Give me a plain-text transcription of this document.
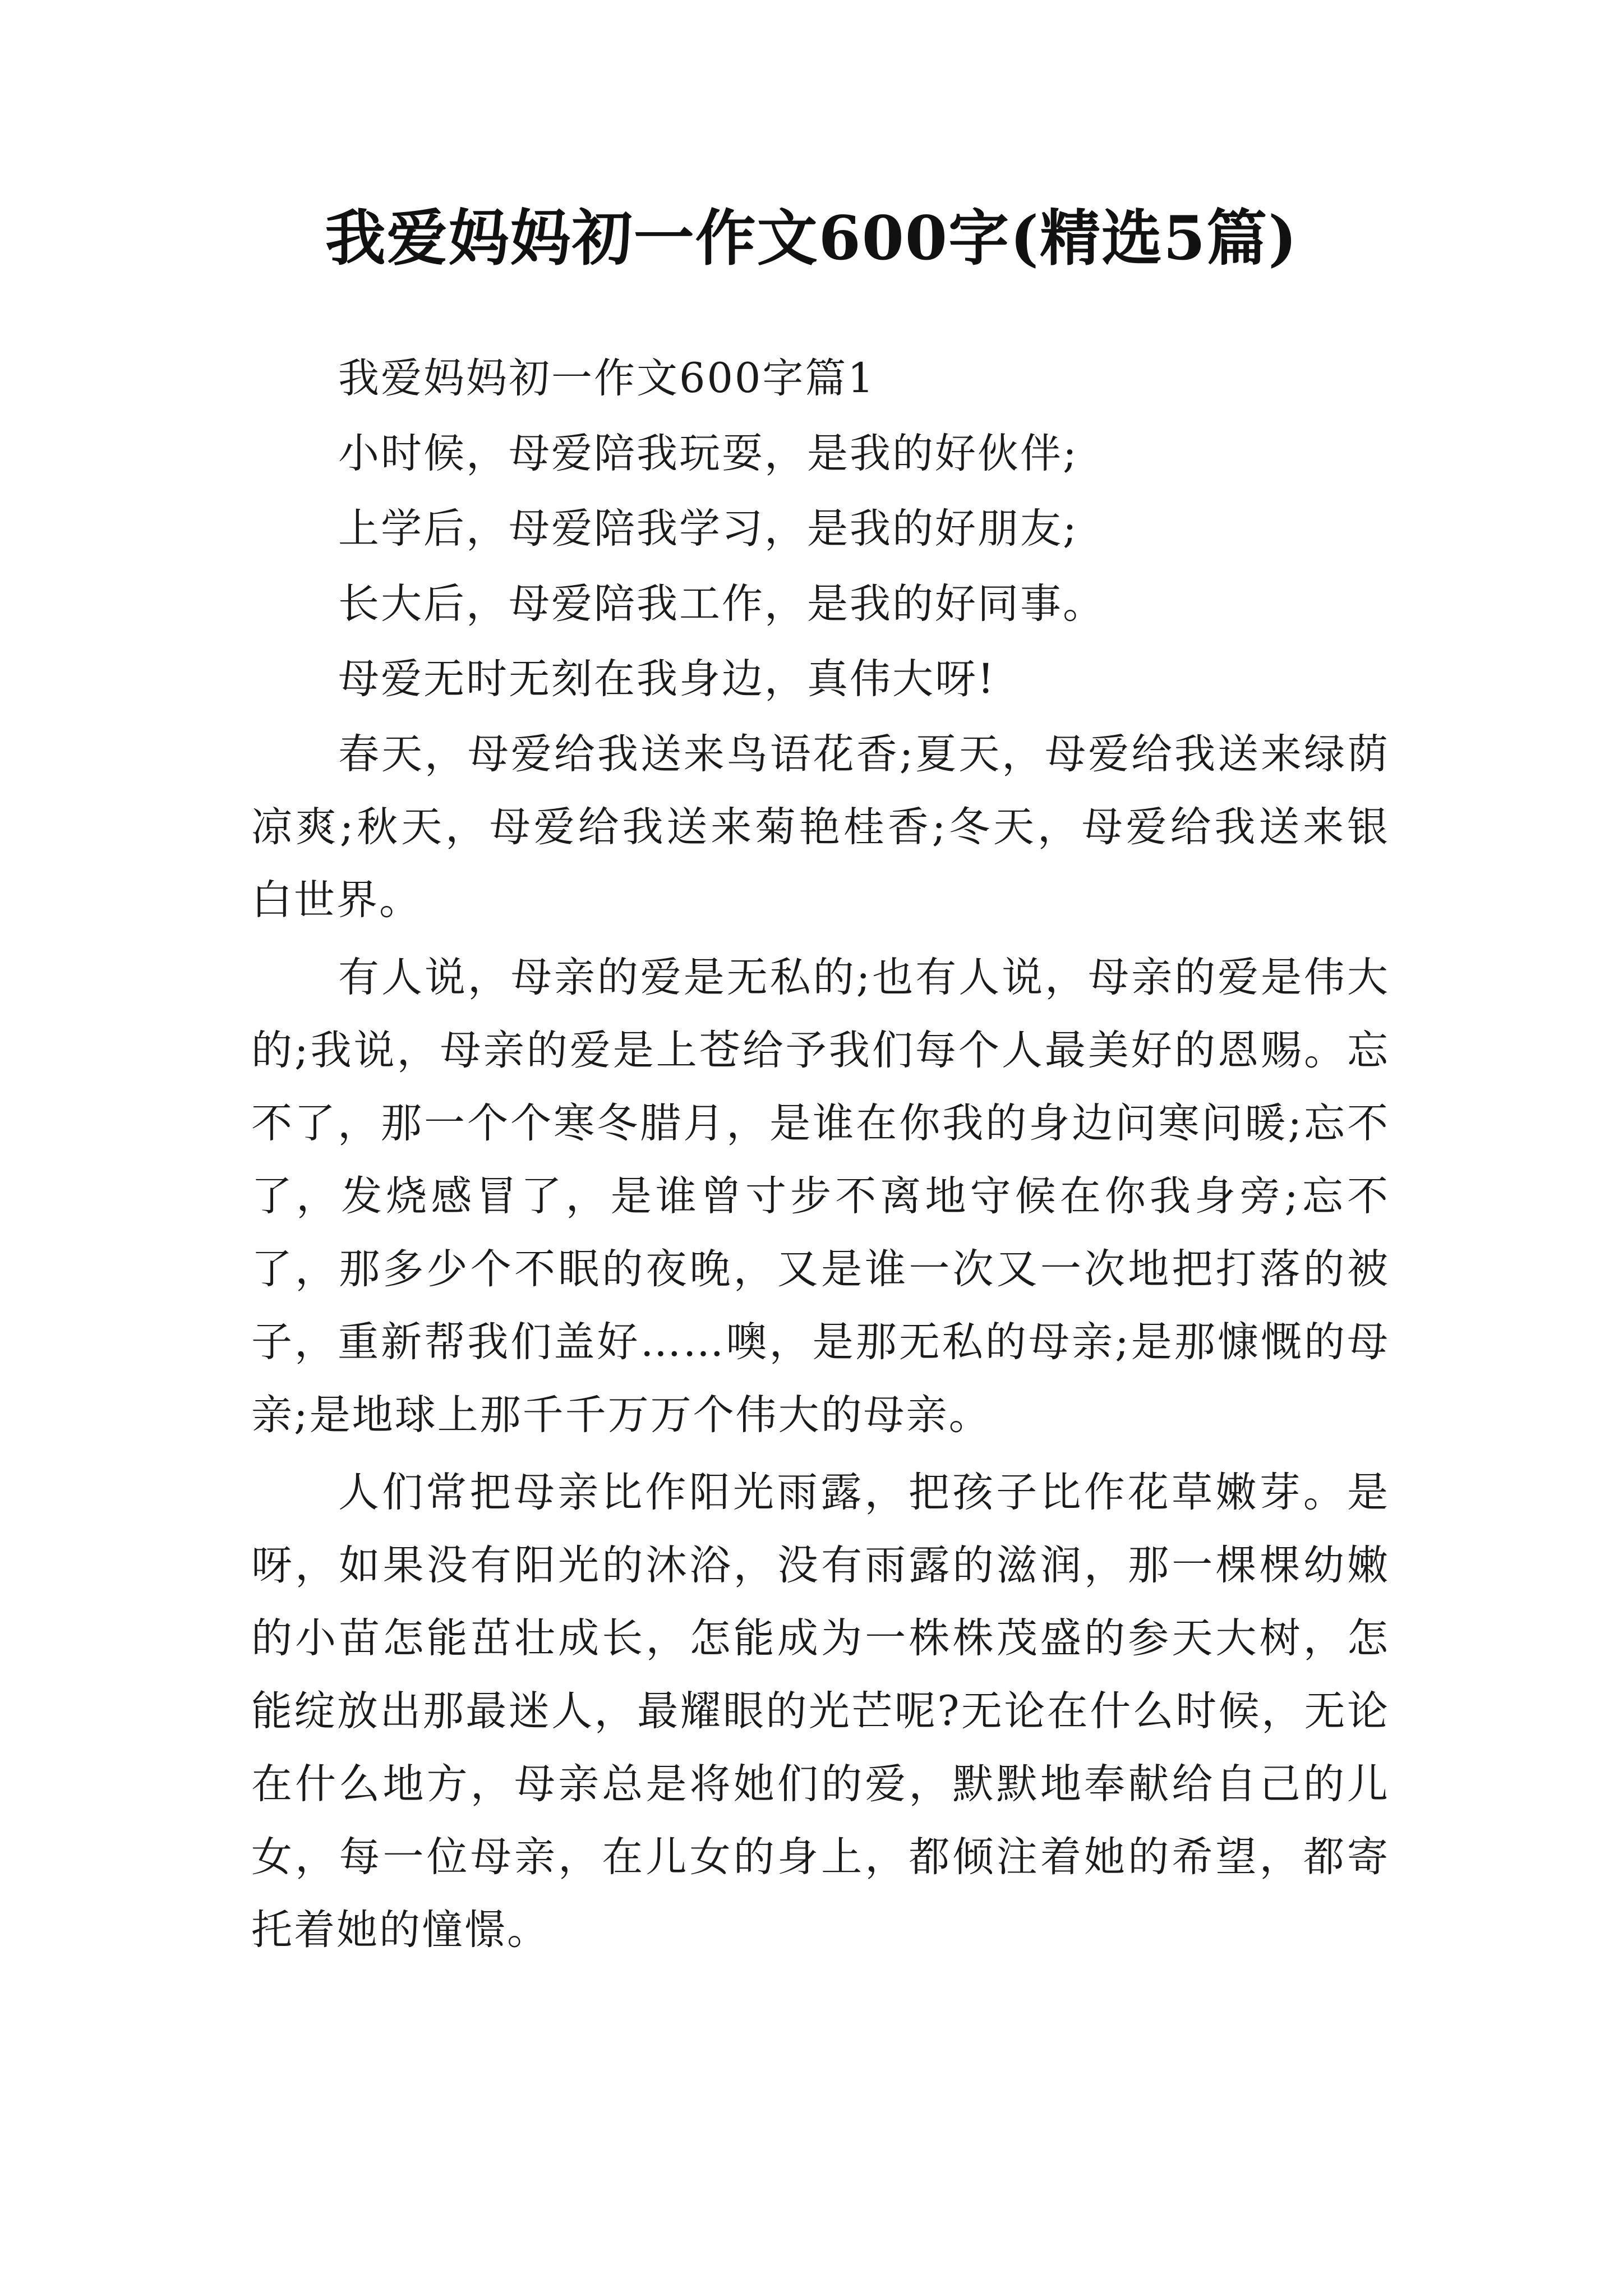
我爱妈妈初一作文600字(精选5篇)

我爱妈妈初一作文600字篇1

小时候，母爱陪我玩耍，是我的好伙伴;

上学后，母爱陪我学习，是我的好朋友;

长大后，母爱陪我工作，是我的好同事。

母爱无时无刻在我身边，真伟大呀!

春天，母爱给我送来鸟语花香;夏天，母爱给我送来绿荫凉爽;秋天，母爱给我送来菊艳桂香;冬天，母爱给我送来银白世界。

有人说，母亲的爱是无私的;也有人说，母亲的爱是伟大的;我说，母亲的爱是上苍给予我们每个人最美好的恩赐。忘不了，那一个个寒冬腊月，是谁在你我的身边问寒问暖;忘不了，发烧感冒了，是谁曾寸步不离地守候在你我身旁;忘不了，那多少个不眠的夜晚，又是谁一次又一次地把打落的被子，重新帮我们盖好……噢，是那无私的母亲;是那慷慨的母亲;是地球上那千千万万个伟大的母亲。

人们常把母亲比作阳光雨露，把孩子比作花草嫩芽。是呀，如果没有阳光的沐浴，没有雨露的滋润，那一棵棵幼嫩的小苗怎能茁壮成长，怎能成为一株株茂盛的参天大树，怎能绽放出那最迷人，最耀眼的光芒呢?无论在什么时候，无论在什么地方，母亲总是将她们的爱，默默地奉献给自己的儿女，每一位母亲，在儿女的身上，都倾注着她的希望，都寄托着她的憧憬。
